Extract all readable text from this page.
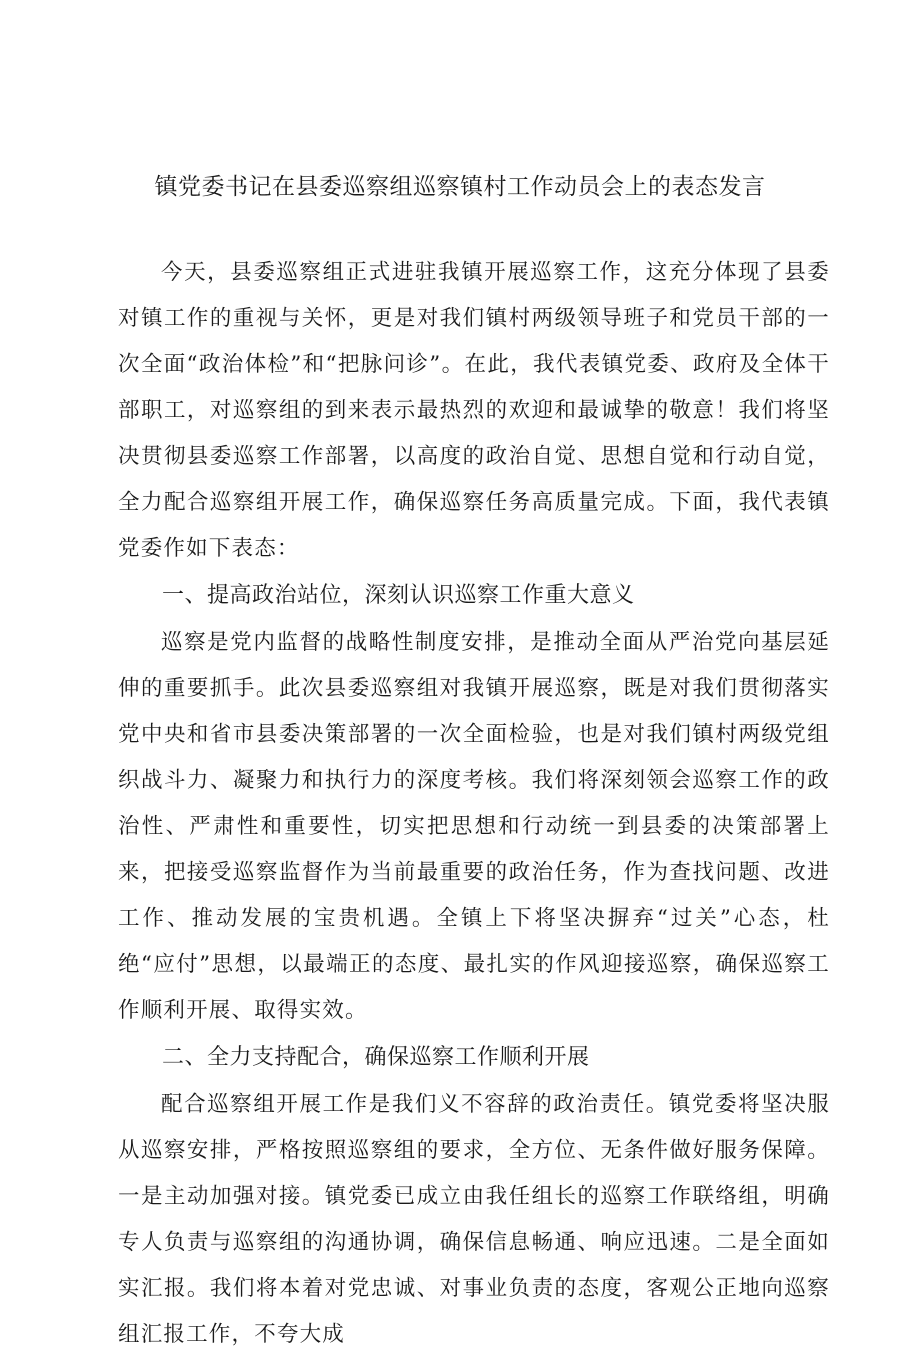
镇党委书记在县委巡察组巡察镇村工作动员会上的表态发言

今天，县委巡察组正式进驻我镇开展巡察工作，这充分体现了县委对镇工作的重视与关怀，更是对我们镇村两级领导班子和党员干部的一次全面“政治体检”和“把脉问诊”。在此，我代表镇党委、政府及全体干部职工，对巡察组的到来表示最热烈的欢迎和最诚挚的敬意！我们将坚决贯彻县委巡察工作部署，以高度的政治自觉、思想自觉和行动自觉，全力配合巡察组开展工作，确保巡察任务高质量完成。下面，我代表镇党委作如下表态：

一、提高政治站位，深刻认识巡察工作重大意义

巡察是党内监督的战略性制度安排，是推动全面从严治党向基层延伸的重要抓手。此次县委巡察组对我镇开展巡察，既是对我们贯彻落实党中央和省市县委决策部署的一次全面检验，也是对我们镇村两级党组织战斗力、凝聚力和执行力的深度考核。我们将深刻领会巡察工作的政治性、严肃性和重要性，切实把思想和行动统一到县委的决策部署上来，把接受巡察监督作为当前最重要的政治任务，作为查找问题、改进工作、推动发展的宝贵机遇。全镇上下将坚决摒弃“过关”心态，杜绝“应付”思想，以最端正的态度、最扎实的作风迎接巡察，确保巡察工作顺利开展、取得实效。

二、全力支持配合，确保巡察工作顺利开展

配合巡察组开展工作是我们义不容辞的政治责任。镇党委将坚决服从巡察安排，严格按照巡察组的要求，全方位、无条件做好服务保障。一是主动加强对接。镇党委已成立由我任组长的巡察工作联络组，明确专人负责与巡察组的沟通协调，确保信息畅通、响应迅速。二是全面如实汇报。我们将本着对党忠诚、对事业负责的态度，客观公正地向巡察组汇报工作，不夸大成
